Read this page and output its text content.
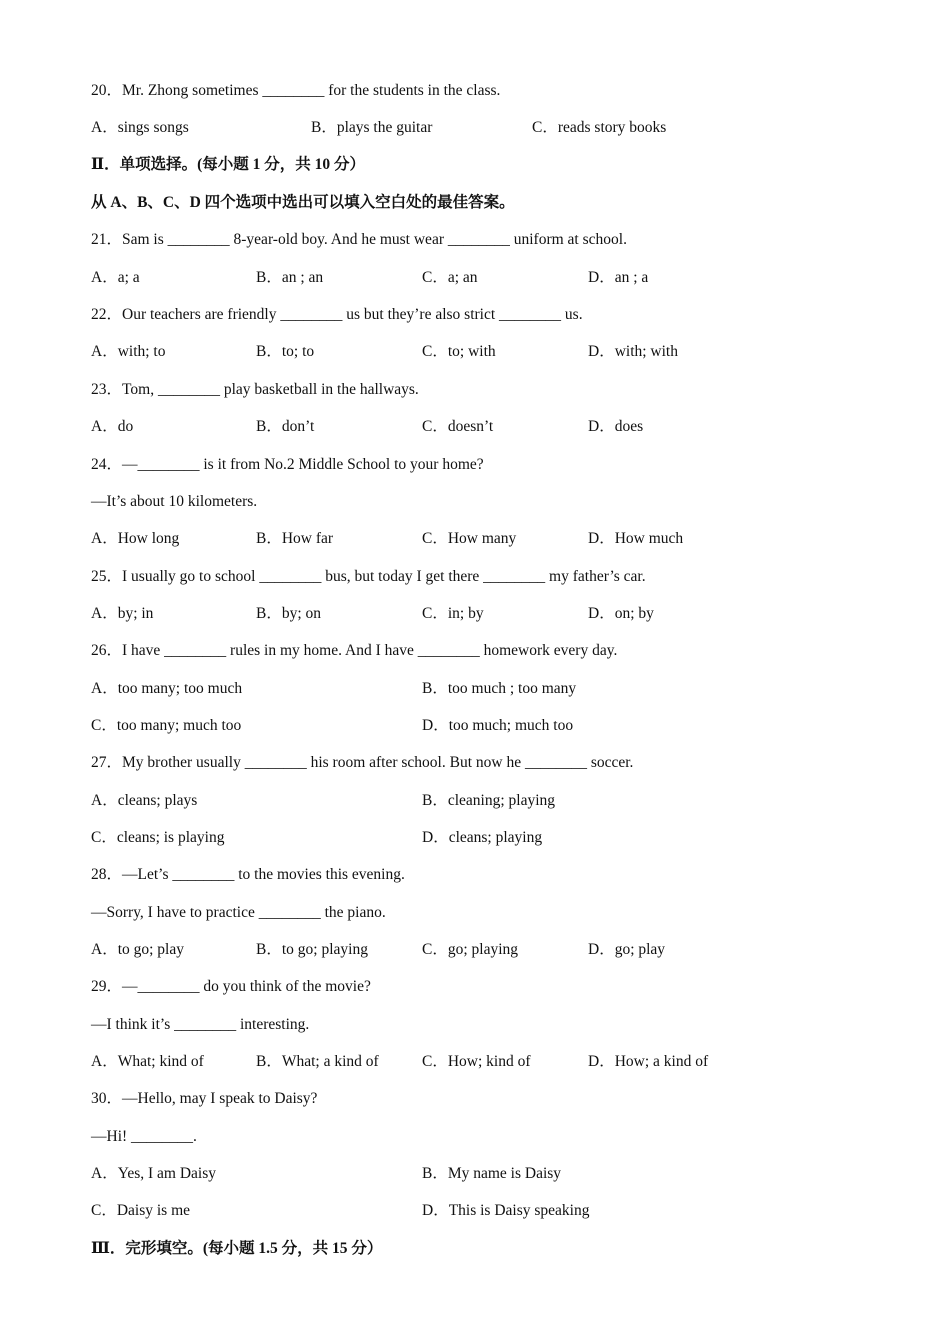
20．Mr. Zhong sometimes ________ for the students in the class.
A．sings songs	B．plays the guitar	C．reads story books
Ⅱ．单项选择。(每小题 1 分，共 10 分）
从 A、B、C、D 四个选项中选出可以填入空白处的最佳答案。
21．Sam is ________ 8-year-old boy. And he must wear ________ uniform at school.
A．a; a	B．an ; an	C．a; an	D．an ; a
22．Our teachers are friendly ________ us but they’re also strict ________ us.
A．with; to	B．to; to	C．to; with	D．with; with
23．Tom, ________ play basketball in the hallways.
A．do	B．don’t	C．doesn’t	D．does
24．—________ is it from No.2 Middle School to your home?
—It’s about 10 kilometers.
A．How long	B．How far	C．How many	D．How much
25．I usually go to school ________ bus, but today I get there ________ my father’s car.
A．by; in	B．by; on	C．in; by	D．on; by
26．I have ________ rules in my home. And I have ________ homework every day.
A．too many; too much	B．too much ; too many
C．too many; much too	D．too much; much too
27．My brother usually ________ his room after school. But now he ________ soccer.
A．cleans; plays	B．cleaning; playing
C．cleans; is playing	D．cleans; playing
28．—Let’s ________ to the movies this evening.
—Sorry, I have to practice ________ the piano.
A．to go; play	B．to go; playing	C．go; playing	D．go; play
29．—________ do you think of the movie?
—I think it’s ________ interesting.
A．What; kind of	B．What; a kind of	C．How; kind of	D．How; a kind of
30．—Hello, may I speak to Daisy?
—Hi! ________.
A．Yes, I am Daisy	B．My name is Daisy
C．Daisy is me	D．This is Daisy speaking
Ⅲ．完形填空。(每小题 1.5 分，共 15 分）
